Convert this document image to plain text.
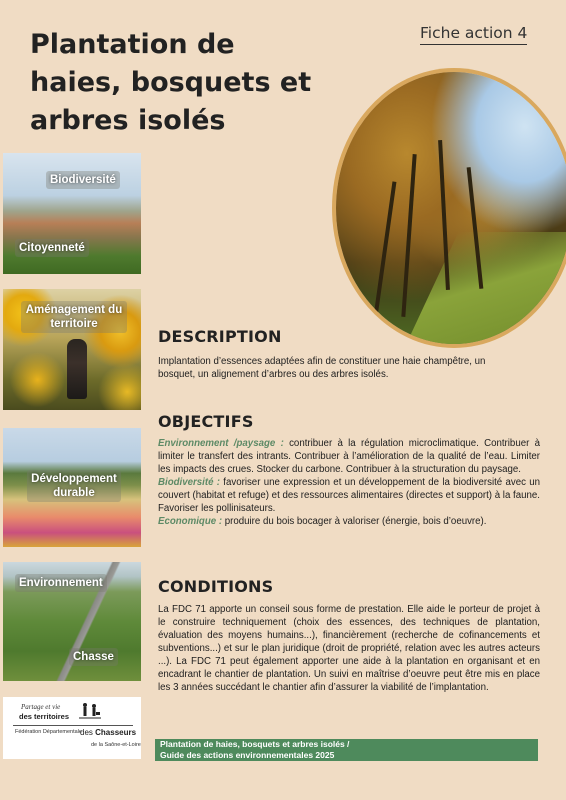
Plantation de haies, bosquets et arbres isolés
Fiche action 4
Biodiversité
Citoyenneté
Aménagement du territoire
Développement durable
Environnement
Chasse
Partage et vie
des territoires
Fédération Départementale
des Chasseurs
de la Saône-et-Loire
DESCRIPTION

Implantation d’essences adaptées afin de constituer une haie champêtre, un bosquet, un alignement d’arbres ou des arbres isolés.

OBJECTIFS

Environnement /paysage : contribuer à la régulation microclimatique. Contribuer à limiter le transfert des intrants. Contribuer à l’amélioration de la qualité de l’eau. Limiter les impacts des crues. Stocker du carbone. Contribuer à la structuration du paysage.

Biodiversité : favoriser une expression et un développement de la biodiversité avec un couvert (habitat et refuge) et des ressources alimentaires (directes et support) à la faune. Favoriser les pollinisateurs.

Economique : produire du bois bocager à valoriser (énergie, bois d’oeuvre).

CONDITIONS

La FDC 71 apporte un conseil sous forme de prestation. Elle aide le porteur de projet à le construire techniquement (choix des essences, des techniques de plantation, évaluation des moyens humains...), financièrement (recherche de cofinancements et subventions...) et sur le plan juridique (droit de propriété, relation avec les autres acteurs ...). La FDC 71 peut également apporter une aide à la plantation en organisant et en encadrant le chantier de plantation. Un suivi en maîtrise d’oeuvre peut être mis en place les 3 années succédant le chantier afin d’assurer la viabilité de l’implantation.

Plantation de haies, bosquets et arbres isolés /
Guide des actions environnementales 2025
